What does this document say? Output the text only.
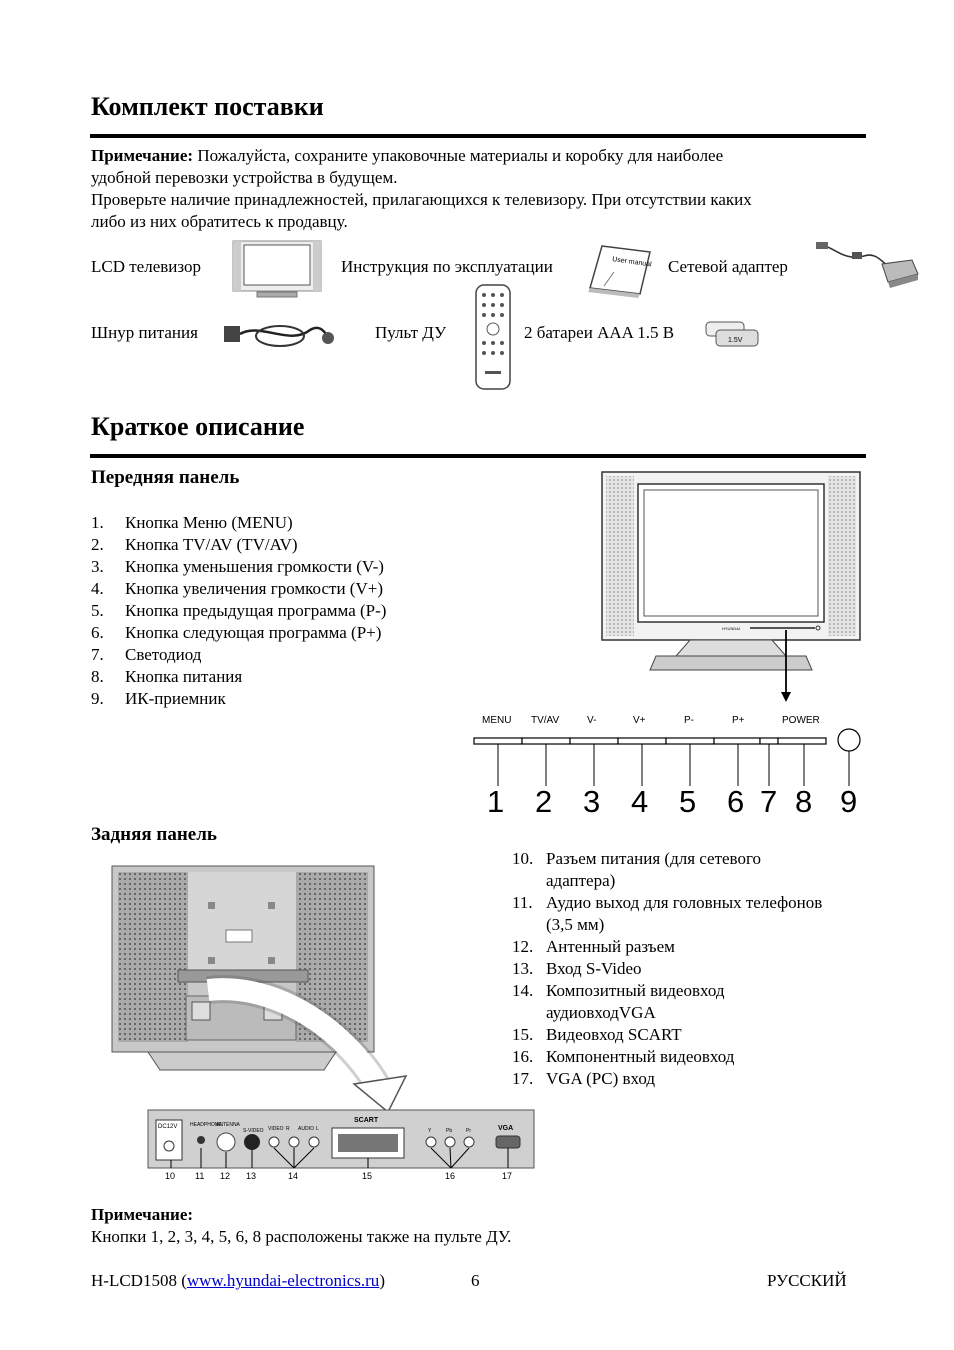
Комплект поставки
Примечание: Пожалуйста, сохраните упаковочные материалы и коробку для наиболее
удобной перевозки устройства в будущем.
Проверьте наличие принадлежностей, прилагающихся к телевизору. При отсутствии каких
либо из них обратитесь к продавцу.
LCD телевизор	Инструкция по эксплуатации	Сетевой адаптер
Шнур питания	Пульт ДУ	2 батареи AAA 1.5 В
User manual
1.5V
Краткое описание
Передняя панель
1. Кнопка Меню (MENU)
2. Кнопка TV/AV (TV/AV)
3. Кнопка уменьшения громкости (V-)
4. Кнопка увеличения громкости (V+)
5. Кнопка предыдущая программа (P-)
6. Кнопка следующая программа (P+)
7. Светодиод
8. Кнопка питания
9. ИК-приемник
HYUNDAI
MENU TV/AV	V-	V+	P-	P+	POWER
1 2 3 4 5 6 7 8 9
Задняя панель
10. Разъем питания (для сетевого
адаптера)
11. Аудио выход для головных телефонов
(3,5 мм)
12. Антенный разъем
13. Вход S-Video
14. Композитный видеовход
аудиовходVGA
15. Видеовход SCART
16. Компонентный видеовход
17. VGA (PC) вход
DC12V	HEADPHONE
ANTENNA
S-VIDEO VIDEO R AUDIO L
SCART
Y	Pb	Pr	VGA
10 11 12 13	14	15	16	17
Примечание:
Кнопки 1, 2, 3, 4, 5, 6, 8 расположены также на пульте ДУ.
H-LCD1508 (www.hyundai-electronics.ru)	6	РУССКИЙ
